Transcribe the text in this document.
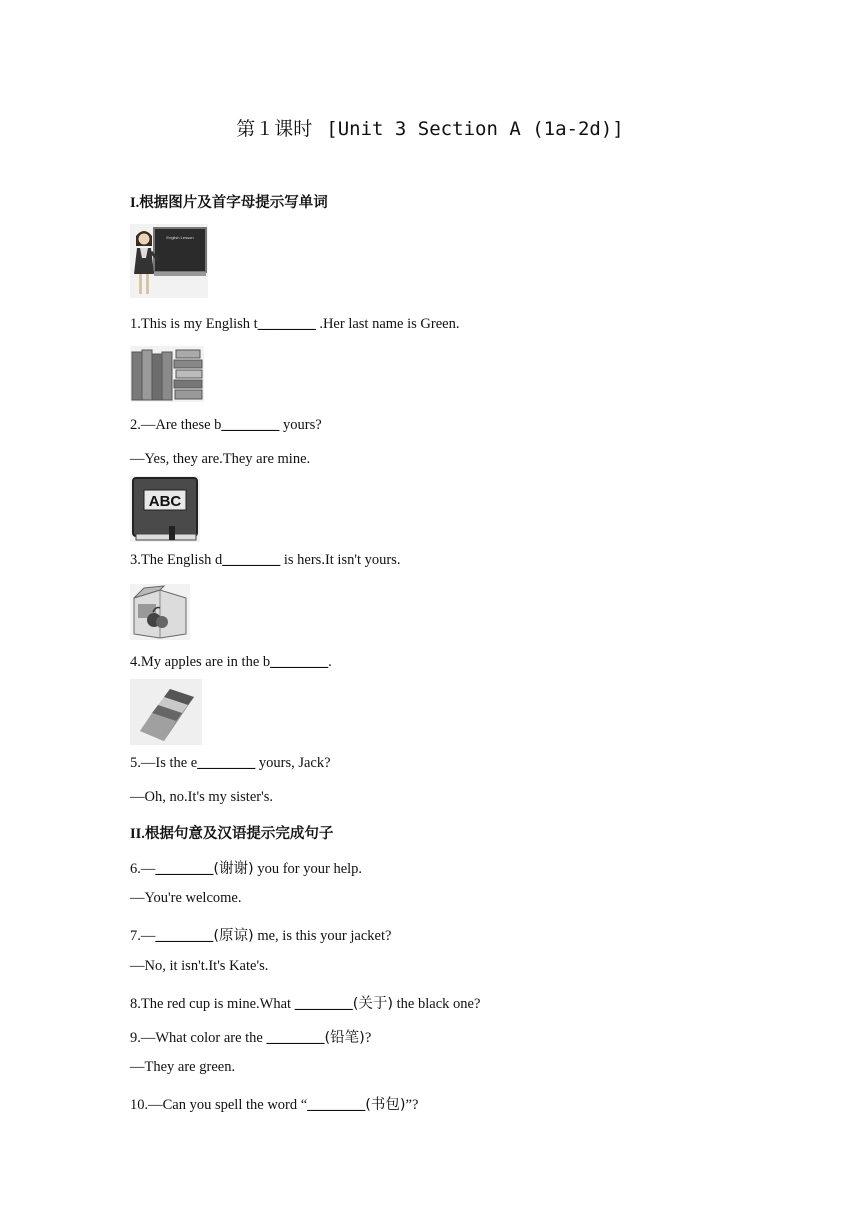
第１课时 [Unit 3 Section A (1a-2d)]
I.根据图片及首字母提示写单词
English Lesson
1.This is my English t________ .Her last name is Green.
2.—Are these b________ yours?
—Yes, they are.They are mine.
ABC
3.The English d________ is hers.It isn't yours.
4.My apples are in the b________.
5.—Is the e________ yours, Jack?
—Oh, no.It's my sister's.
II.根据句意及汉语提示完成句子
6.—________(谢谢) you for your help.
—You're welcome.
7.—________(原谅) me, is this your jacket?
—No, it isn't.It's Kate's.
8.The red cup is mine.What ________(关于) the black one?
9.—What color are the ________(铅笔)?
—They are green.
10.—Can you spell the word “________(书包)”?
